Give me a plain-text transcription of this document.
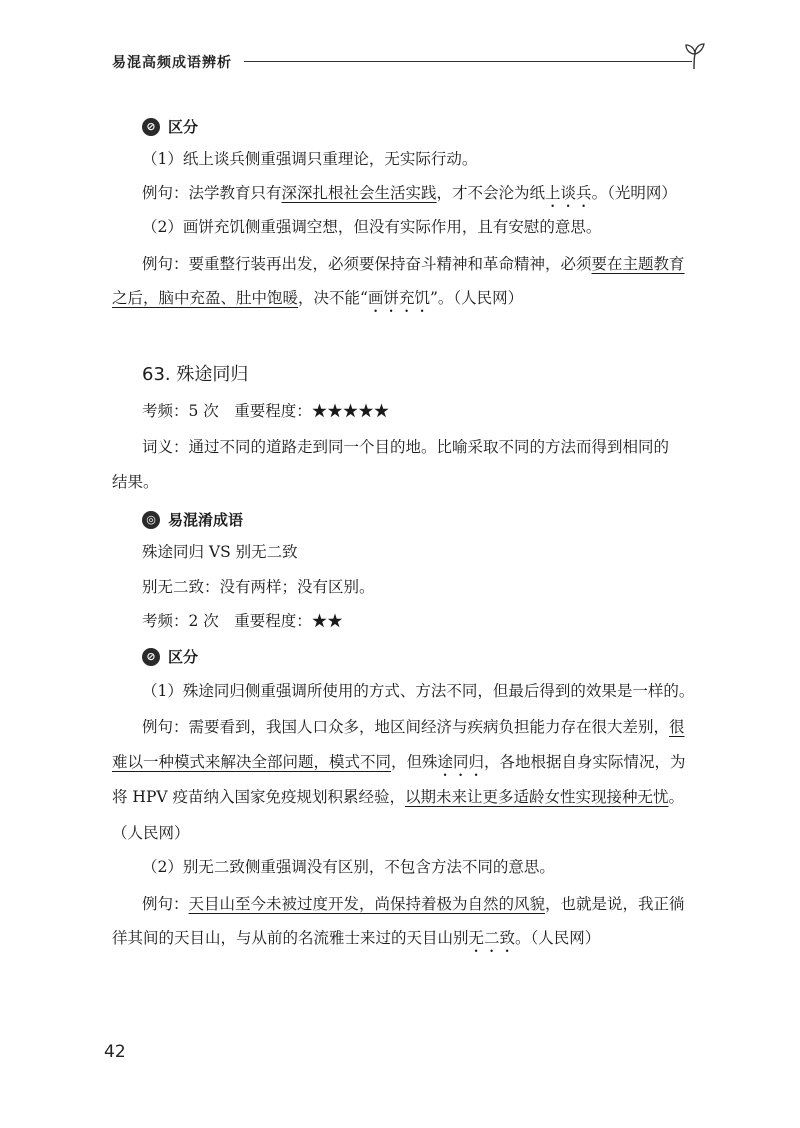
易混高频成语辨析
⊘ 区分

（1）纸上谈兵侧重强调只重理论，无实际行动。

例句：法学教育只有深深扎根社会生活实践，才不会沦为纸上谈兵。（光明网）

（2）画饼充饥侧重强调空想，但没有实际作用，且有安慰的意思。

例句：要重整行装再出发，必须要保持奋斗精神和革命精神，必须要在主题教育

之后，脑中充盈、肚中饱暖，决不能“画饼充饥”。（人民网）

63. 殊途同归

考频：5 次　重要程度：★★★★★

词义：通过不同的道路走到同一个目的地。比喻采取不同的方法而得到相同的

结果。

◎ 易混淆成语

殊途同归 VS 别无二致

别无二致：没有两样；没有区别。

考频：2 次　重要程度：★★

⊘ 区分

（1）殊途同归侧重强调所使用的方式、方法不同，但最后得到的效果是一样的。

例句：需要看到，我国人口众多，地区间经济与疾病负担能力存在很大差别，很

难以一种模式来解决全部问题，模式不同，但殊途同归，各地根据自身实际情况，为

将 HPV 疫苗纳入国家免疫规划积累经验，以期未来让更多适龄女性实现接种无忧。

（人民网）

（2）别无二致侧重强调没有区别，不包含方法不同的意思。

例句：天目山至今未被过度开发，尚保持着极为自然的风貌，也就是说，我正徜

徉其间的天目山，与从前的名流雅士来过的天目山别无二致。（人民网）

42
